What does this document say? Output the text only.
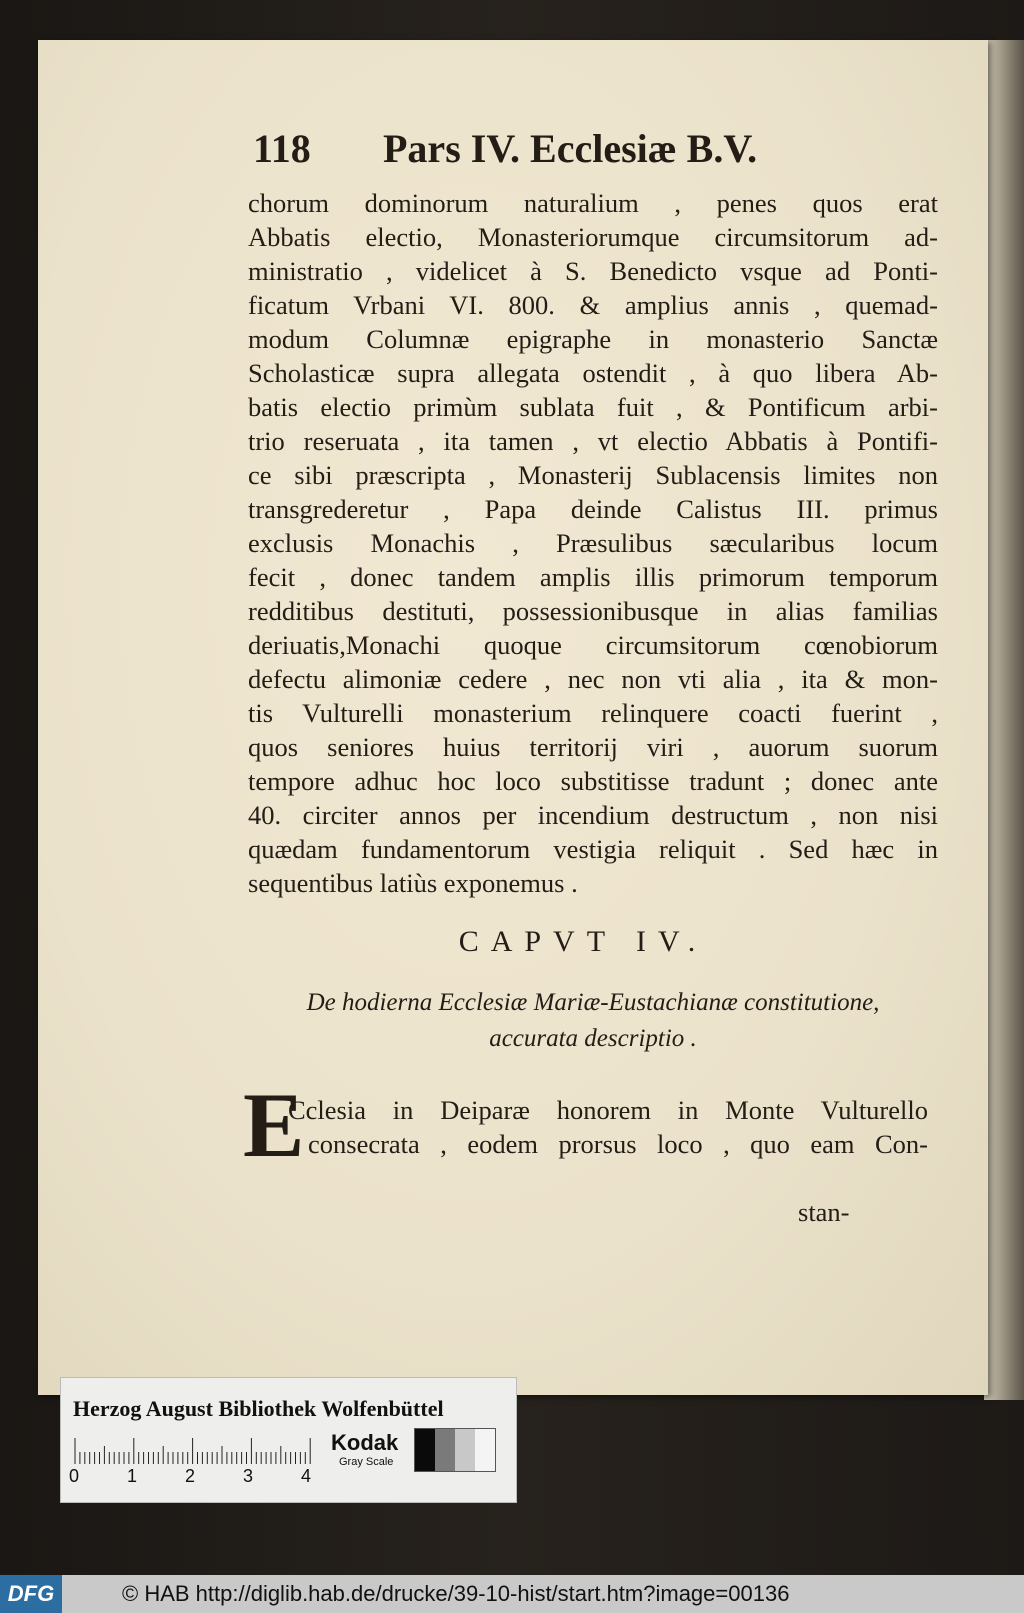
118 Pars IV. Ecclesiæ B.V.
chorum dominorum naturalium , penes quos erat
Abbatis electio, Monasteriorumque circumsitorum ad-
ministratio , videlicet à S. Benedicto vsque ad Ponti-
ficatum Vrbani VI. 800. & amplius annis , quemad-
modum Columnæ epigraphe in monasterio Sanctæ
Scholasticæ supra allegata ostendit , à quo libera Ab-
batis electio primùm sublata fuit , & Pontificum arbi-
trio reseruata , ita tamen , vt electio Abbatis à Pontifi-
ce sibi præscripta , Monasterij Sublacensis limites non
transgrederetur , Papa deinde Calistus III. primus
exclusis Monachis , Præsulibus sæcularibus locum
fecit , donec tandem amplis illis primorum temporum
redditibus destituti, possessionibusque in alias familias
deriuatis,Monachi quoque circumsitorum cœnobiorum
defectu alimoniæ cedere , nec non vti alia , ita & mon-
tis Vulturelli monasterium relinquere coacti fuerint ,
quos seniores huius territorij viri , auorum suorum
tempore adhuc hoc loco substitisse tradunt ; donec ante
40. circiter annos per incendium destructum , non nisi
quædam fundamentorum vestigia reliquit . Sed hæc in
sequentibus latiùs exponemus .
CAPVT IV.
De hodierna Ecclesiæ Mariæ-Eustachianæ constitutione,
accurata descriptio .
E
Cclesia in Deiparæ honorem in Monte Vulturello
consecrata , eodem prorsus loco , quo eam Con-
stan-
Herzog August Bibliothek Wolfenbüttel
0	1	2	3	4
Kodak
Gray Scale
DFG	© HAB http://diglib.hab.de/drucke/39-10-hist/start.htm?image=00136
